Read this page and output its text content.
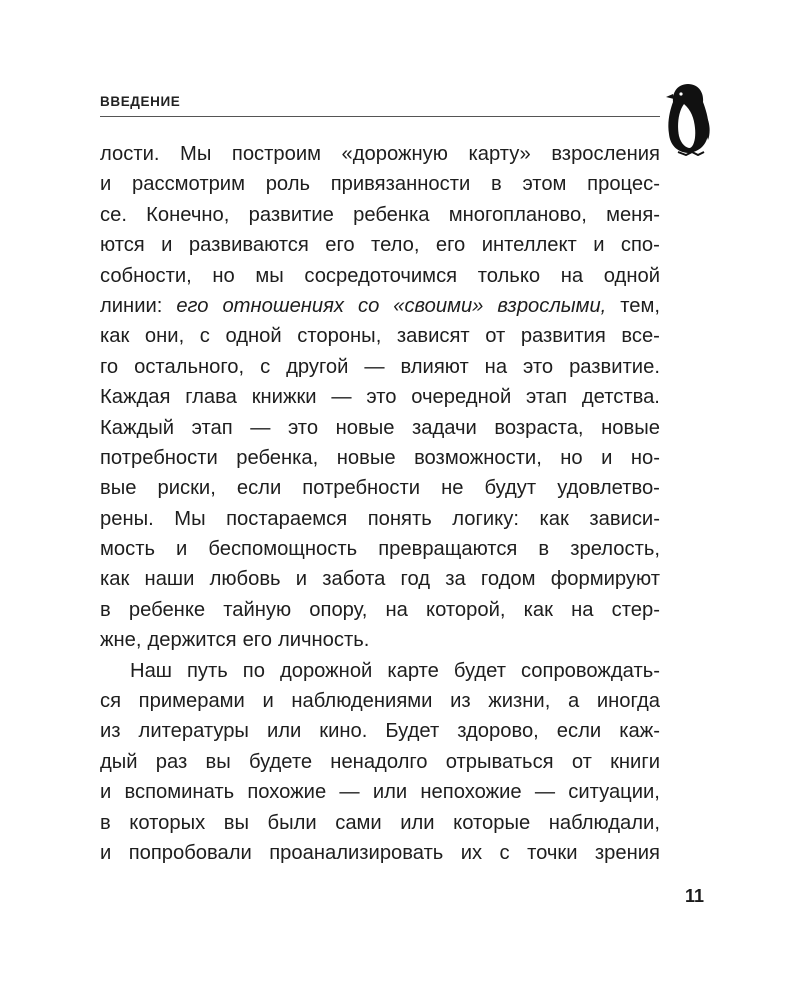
ВВЕДЕНИЕ
лости. Мы построим «дорожную карту» взросления
и рассмотрим роль привязанности в этом процес-
се. Конечно, развитие ребенка многопланово, меня-
ются и развиваются его тело, его интеллект и спо-
собности, но мы сосредоточимся только на одной
линии: его отношениях со «своими» взрослыми, тем,
как они, с одной стороны, зависят от развития все-
го остального, с другой — влияют на это развитие.
Каждая глава книжки — это очередной этап детства.
Каждый этап — это новые задачи возраста, новые
потребности ребенка, новые возможности, но и но-
вые риски, если потребности не будут удовлетво-
рены. Мы постараемся понять логику: как зависи-
мость и беспомощность превращаются в зрелость,
как наши любовь и забота год за годом формируют
в ребенке тайную опору, на которой, как на стер-
жне, держится его личность.
Наш путь по дорожной карте будет сопровождать-
ся примерами и наблюдениями из жизни, а иногда
из литературы или кино. Будет здорово, если каж-
дый раз вы будете ненадолго отрываться от книги
и вспоминать похожие — или непохожие — ситуации,
в которых вы были сами или которые наблюдали,
и попробовали проанализировать их с точки зрения
11
